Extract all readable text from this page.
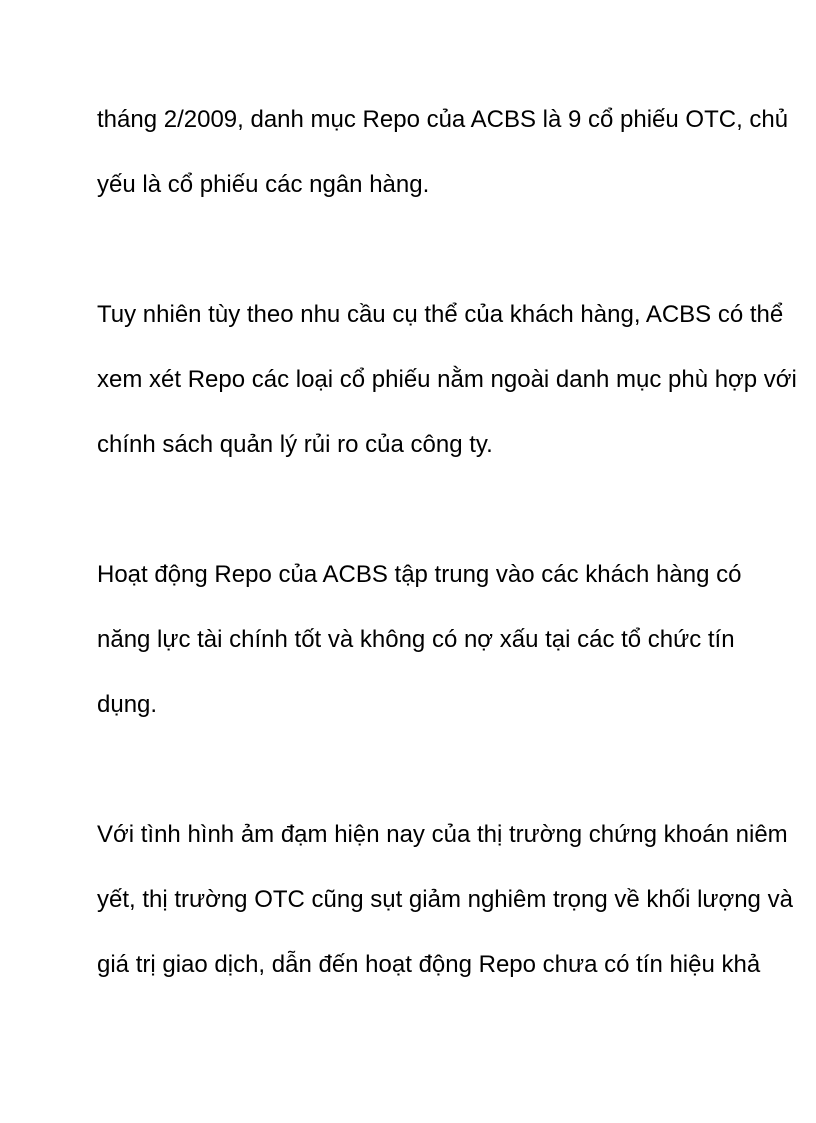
tháng 2/2009, danh mục Repo của ACBS là 9 cổ phiếu OTC, chủ
yếu là cổ phiếu các ngân hàng.

Tuy nhiên tùy theo nhu cầu cụ thể của khách hàng, ACBS có thể
xem xét Repo các loại cổ phiếu nằm ngoài danh mục phù hợp với
chính sách quản lý rủi ro của công ty.

Hoạt động Repo của ACBS tập trung vào các khách hàng có
năng lực tài chính tốt và không có nợ xấu tại các tổ chức tín
dụng.

Với tình hình ảm đạm hiện nay của thị trường chứng khoán niêm
yết, thị trường OTC cũng sụt giảm nghiêm trọng về khối lượng và
giá trị giao dịch, dẫn đến hoạt động Repo chưa có tín hiệu khả
